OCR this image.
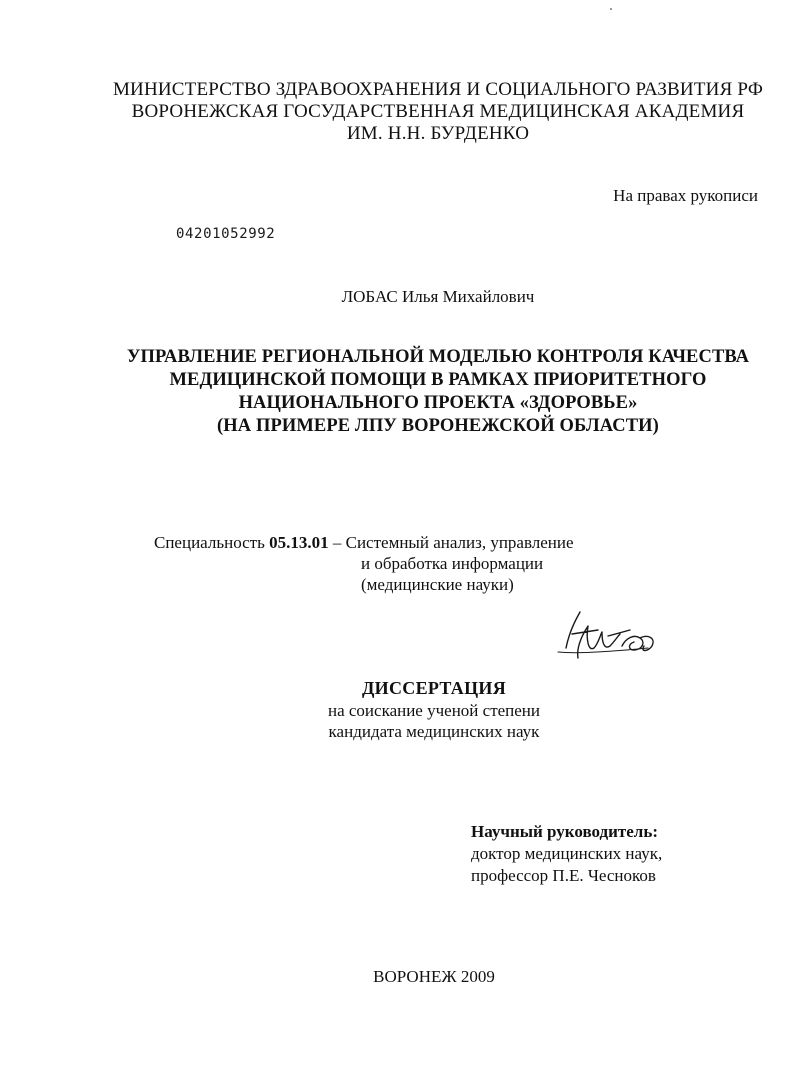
МИНИСТЕРСТВО ЗДРАВООХРАНЕНИЯ И СОЦИАЛЬНОГО РАЗВИТИЯ РФ
ВОРОНЕЖСКАЯ ГОСУДАРСТВЕННАЯ МЕДИЦИНСКАЯ АКАДЕМИЯ
ИМ. Н.Н. БУРДЕНКО
На правах рукописи
04201052992
ЛОБАС Илья Михайлович
УПРАВЛЕНИЕ РЕГИОНАЛЬНОЙ МОДЕЛЬЮ КОНТРОЛЯ КАЧЕСТВА
МЕДИЦИНСКОЙ ПОМОЩИ В РАМКАХ ПРИОРИТЕТНОГО
НАЦИОНАЛЬНОГО ПРОЕКТА «ЗДОРОВЬЕ»
(НА ПРИМЕРЕ ЛПУ ВОРОНЕЖСКОЙ ОБЛАСТИ)
Специальность 05.13.01 – Системный анализ, управление
и обработка информации
(медицинские науки)
ДИССЕРТАЦИЯ
на соискание ученой степени
кандидата медицинских наук
Научный руководитель:
доктор медицинских наук,
профессор П.Е. Чесноков
ВОРОНЕЖ 2009
